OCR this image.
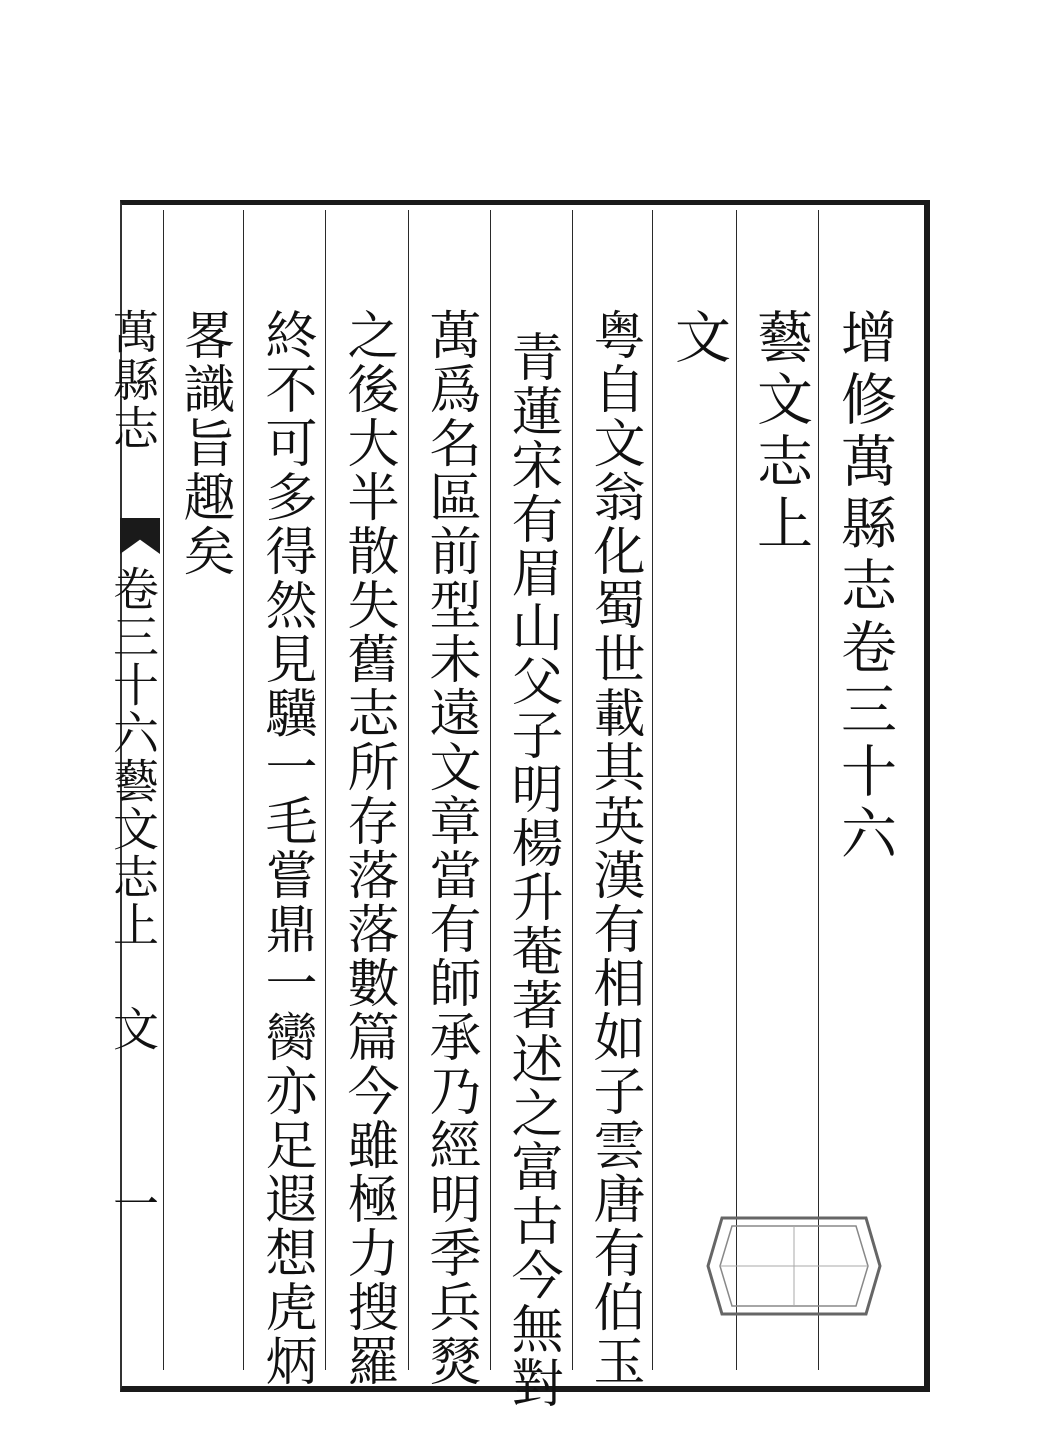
增修萬縣志卷三十六
藝文志上
文
粤自文翁化蜀世載其英漢有相如子雲唐有伯玉
青蓮宋有眉山父子明楊升菴著述之富古今無對
萬爲名區前型未遠文章當有師承乃經明季兵燹
之後大半散失舊志所存落落數篇今雖極力搜羅
終不可多得然見驥一毛嘗鼎一臠亦足遐想虎炳
畧識旨趣矣
萬縣志
卷三十六藝文志上 文
一
